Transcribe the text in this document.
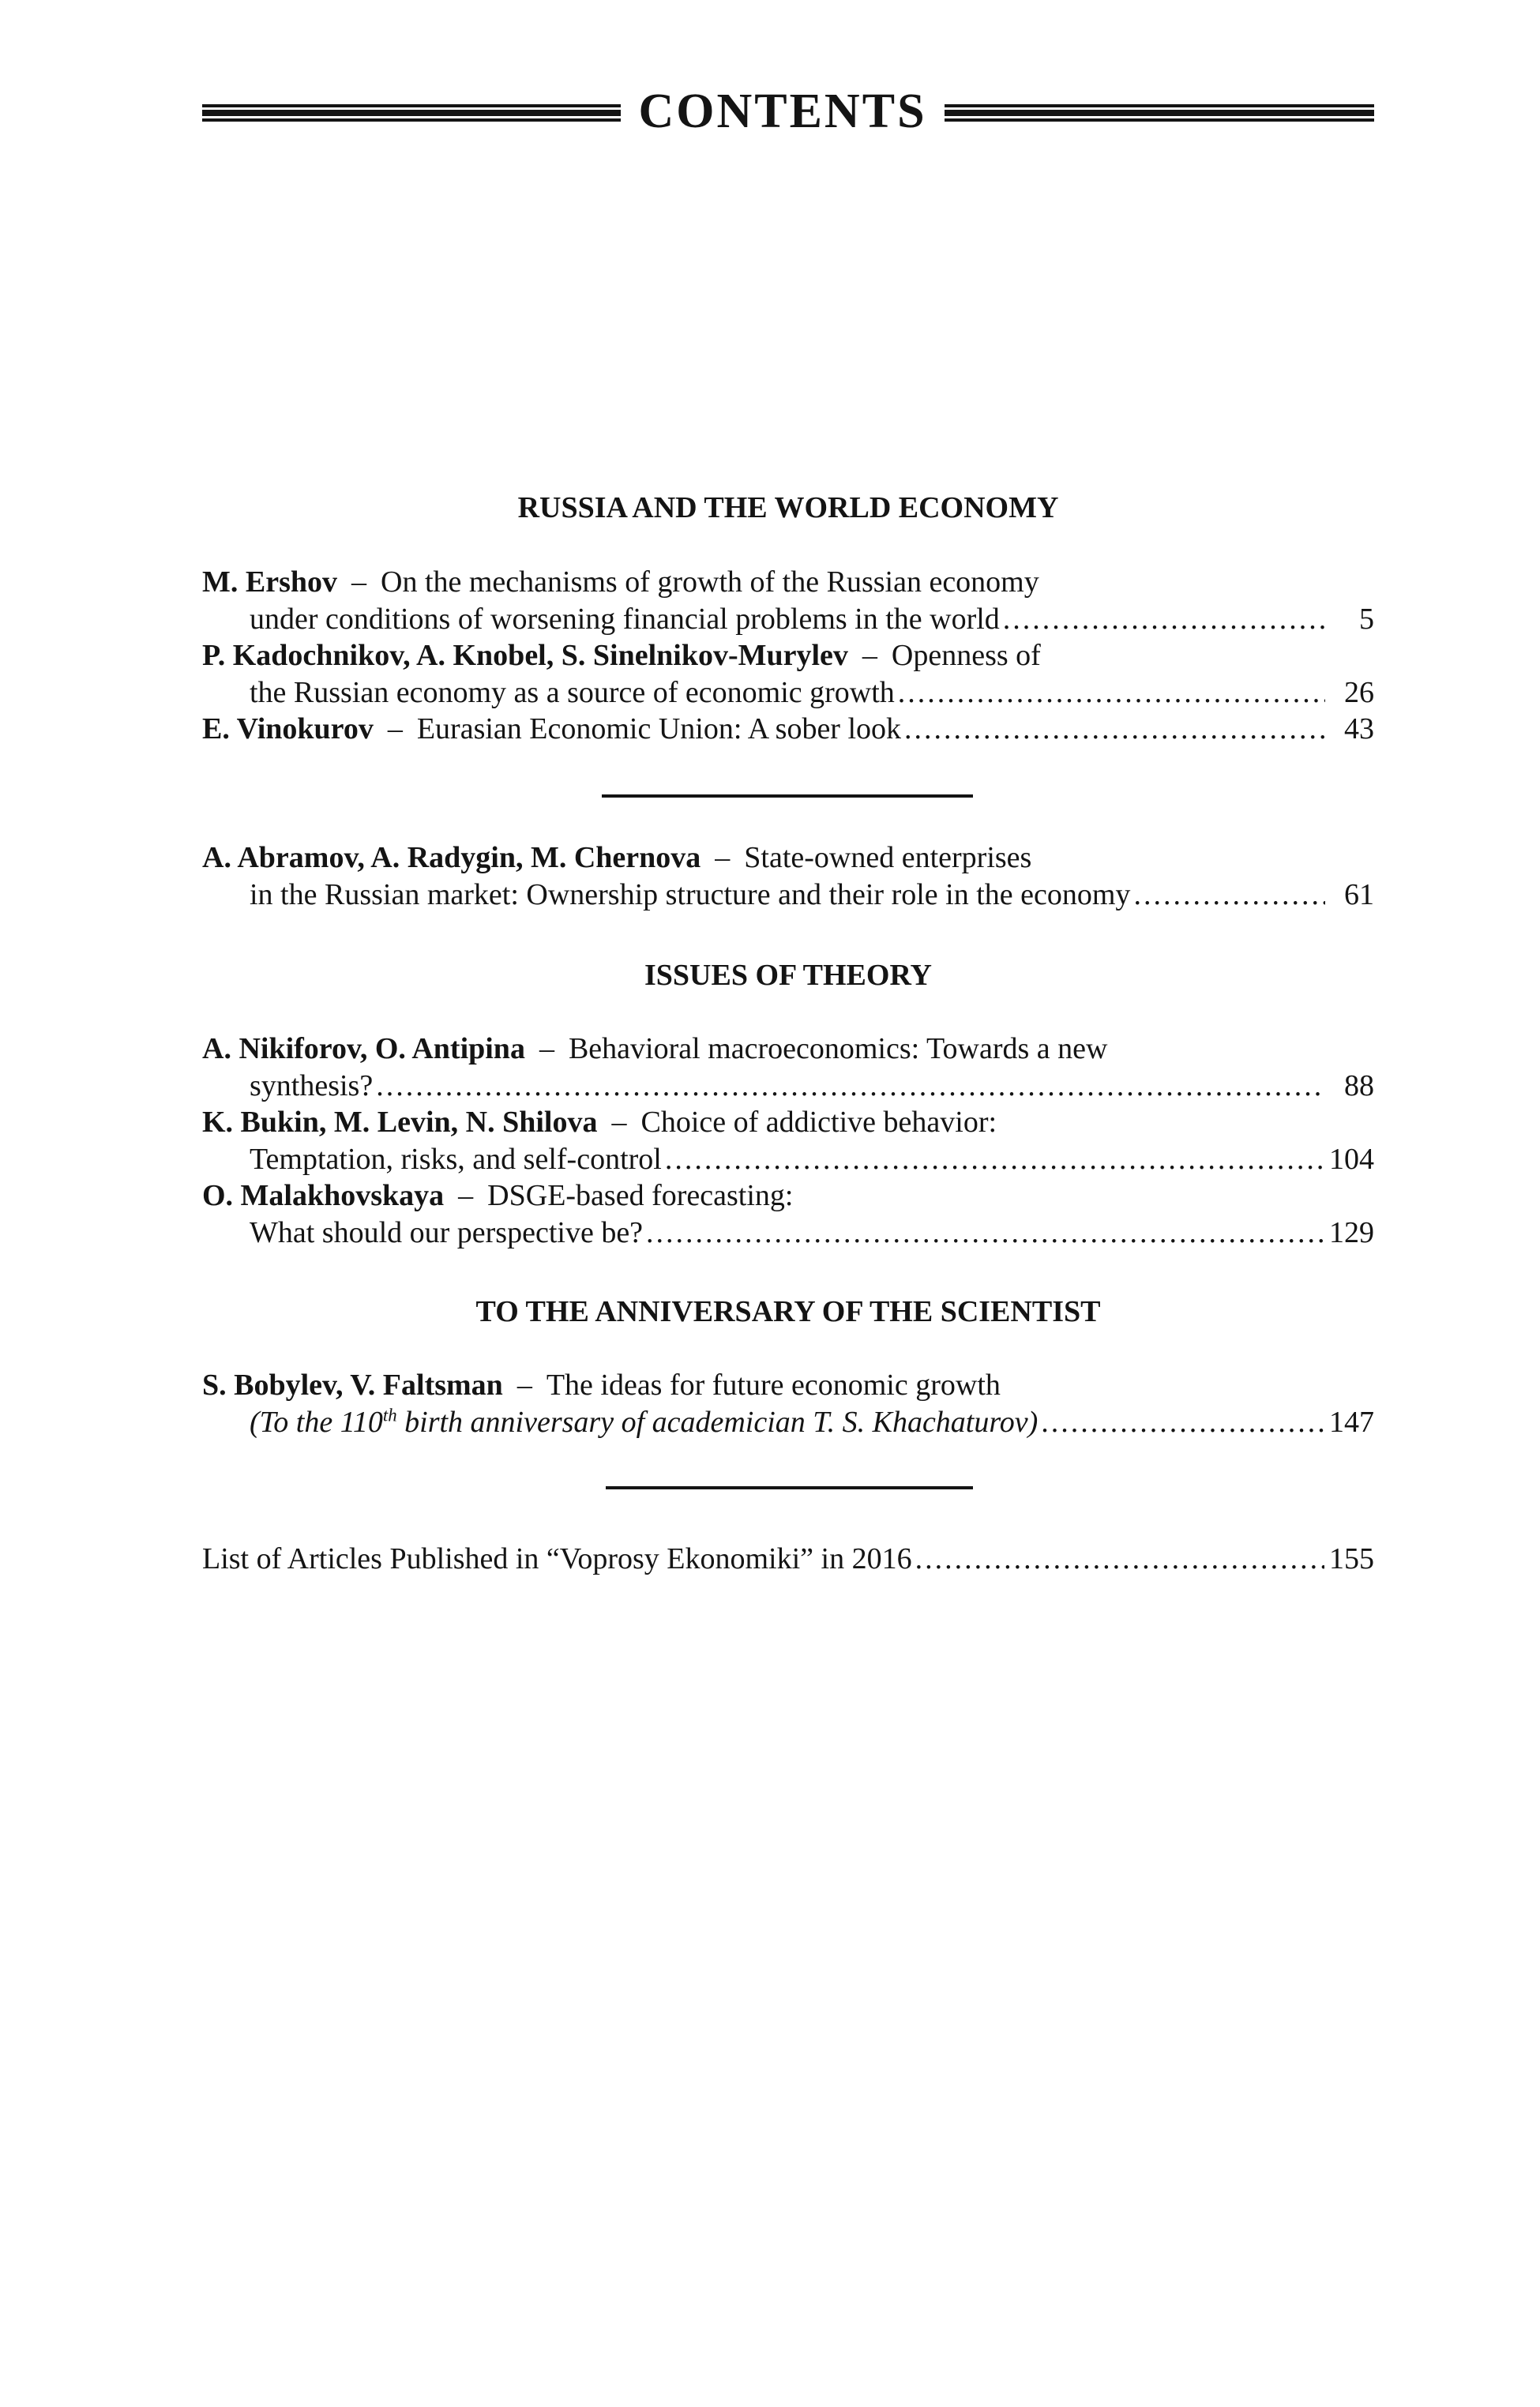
CONTENTS
RUSSIA AND THE WORLD ECONOMY
M. Ershov – On the mechanisms of growth of the Russian economy
under conditions of worsening financial problems in the world .....	5
P. Kadochnikov, A. Knobel, S. Sinelnikov-Murylev – Openness of
the Russian economy as a source of economic growth .....	26
E. Vinokurov – Eurasian Economic Union: A sober look .....	43
A. Abramov, A. Radygin, M. Chernova – State-owned enterprises
in the Russian market: Ownership structure and their role in the economy .....	61
ISSUES OF THEORY
A. Nikiforov, O. Antipina – Behavioral macroeconomics: Towards a new
synthesis? .....	88
K. Bukin, M. Levin, N. Shilova – Choice of addictive behavior:
Temptation, risks, and self-control .....	104
O. Malakhovskaya – DSGE-based forecasting:
What should our perspective be? .....	129
TO THE ANNIVERSARY OF THE SCIENTIST
S. Bobylev, V. Faltsman – The ideas for future economic growth
(To the 110th birth anniversary of academician T. S. Khachaturov) .....	147
List of Articles Published in “Voprosy Ekonomiki” in 2016 .....	155
